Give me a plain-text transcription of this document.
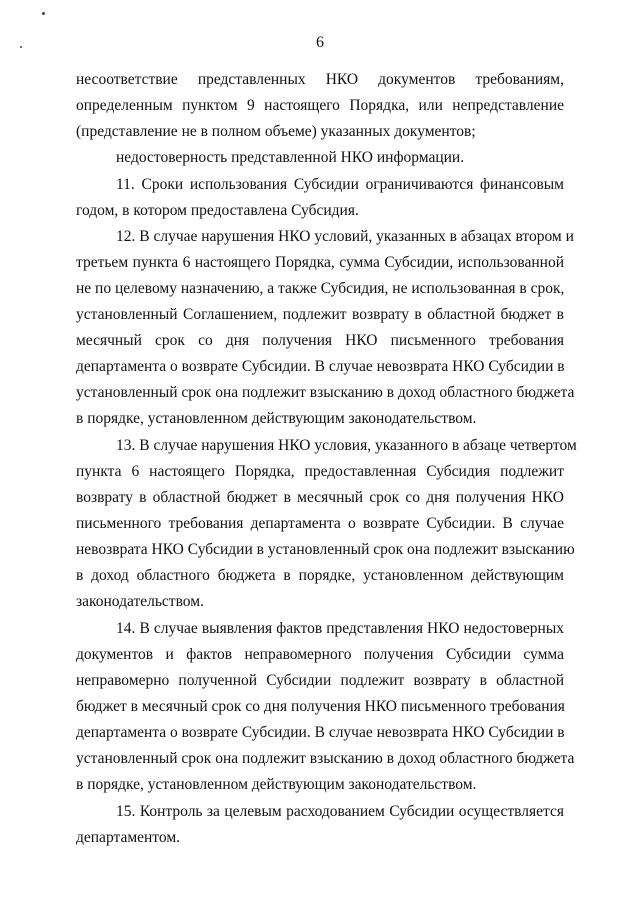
6
несоответствие представленных НКО документов требованиям,
определенным пунктом 9 настоящего Порядка, или непредставление
(представление не в полном объеме) указанных документов;
недостоверность представленной НКО информации.
11. Сроки использования Субсидии ограничиваются финансовым
годом, в котором предоставлена Субсидия.
12. В случае нарушения НКО условий, указанных в абзацах втором и
третьем пункта 6 настоящего Порядка, сумма Субсидии, использованной
не по целевому назначению, а также Субсидия, не использованная в срок,
установленный Соглашением, подлежит возврату в областной бюджет в
месячный срок со дня получения НКО письменного требования
департамента о возврате Субсидии. В случае невозврата НКО Субсидии в
установленный срок она подлежит взысканию в доход областного бюджета
в порядке, установленном действующим законодательством.
13. В случае нарушения НКО условия, указанного в абзаце четвертом
пункта 6 настоящего Порядка, предоставленная Субсидия подлежит
возврату в областной бюджет в месячный срок со дня получения НКО
письменного требования департамента о возврате Субсидии. В случае
невозврата НКО Субсидии в установленный срок она подлежит взысканию
в доход областного бюджета в порядке, установленном действующим
законодательством.
14. В случае выявления фактов представления НКО недостоверных
документов и фактов неправомерного получения Субсидии сумма
неправомерно полученной Субсидии подлежит возврату в областной
бюджет в месячный срок со дня получения НКО письменного требования
департамента о возврате Субсидии. В случае невозврата НКО Субсидии в
установленный срок она подлежит взысканию в доход областного бюджета
в порядке, установленном действующим законодательством.
15. Контроль за целевым расходованием Субсидии осуществляется
департаментом.
